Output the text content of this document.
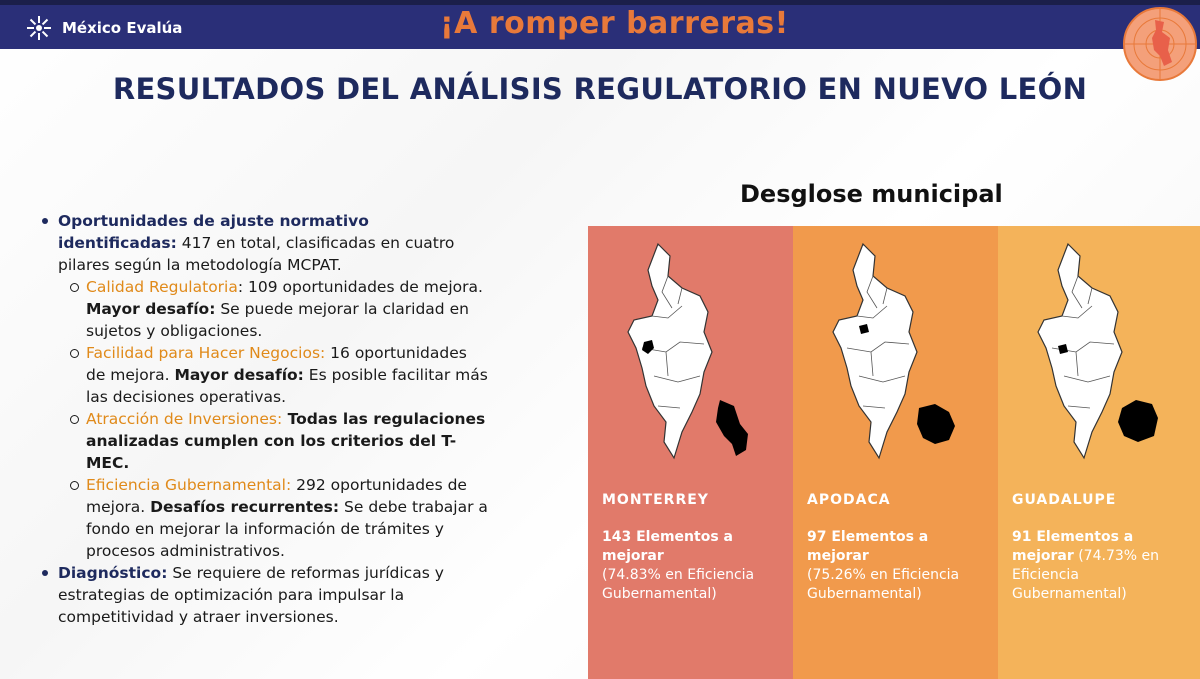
México Evalúa	¡A romper barreras!
RESULTADOS DEL ANÁLISIS REGULATORIO EN NUEVO LEÓN
Oportunidades de ajuste normativo identificadas: 417 en total, clasificadas en cuatro pilares según la metodología MCPAT.
Calidad Regulatoria: 109 oportunidades de mejora. Mayor desafío: Se puede mejorar la claridad en sujetos y obligaciones.
Facilidad para Hacer Negocios: 16 oportunidades de mejora. Mayor desafío: Es posible facilitar más las decisiones operativas.
Atracción de Inversiones: Todas las regulaciones analizadas cumplen con los criterios del T-MEC.
Eficiencia Gubernamental: 292 oportunidades de mejora. Desafíos recurrentes: Se debe trabajar a fondo en mejorar la información de trámites y procesos administrativos.
Diagnóstico: Se requiere de reformas jurídicas y estrategias de optimización para impulsar la competitividad y atraer inversiones.
Desglose municipal
MONTERREY
143 Elementos a mejorar
(74.83% en Eficiencia Gubernamental)
APODACA
97 Elementos a mejorar
(75.26% en Eficiencia Gubernamental)
GUADALUPE
91 Elementos a mejorar (74.73% en Eficiencia Gubernamental)
